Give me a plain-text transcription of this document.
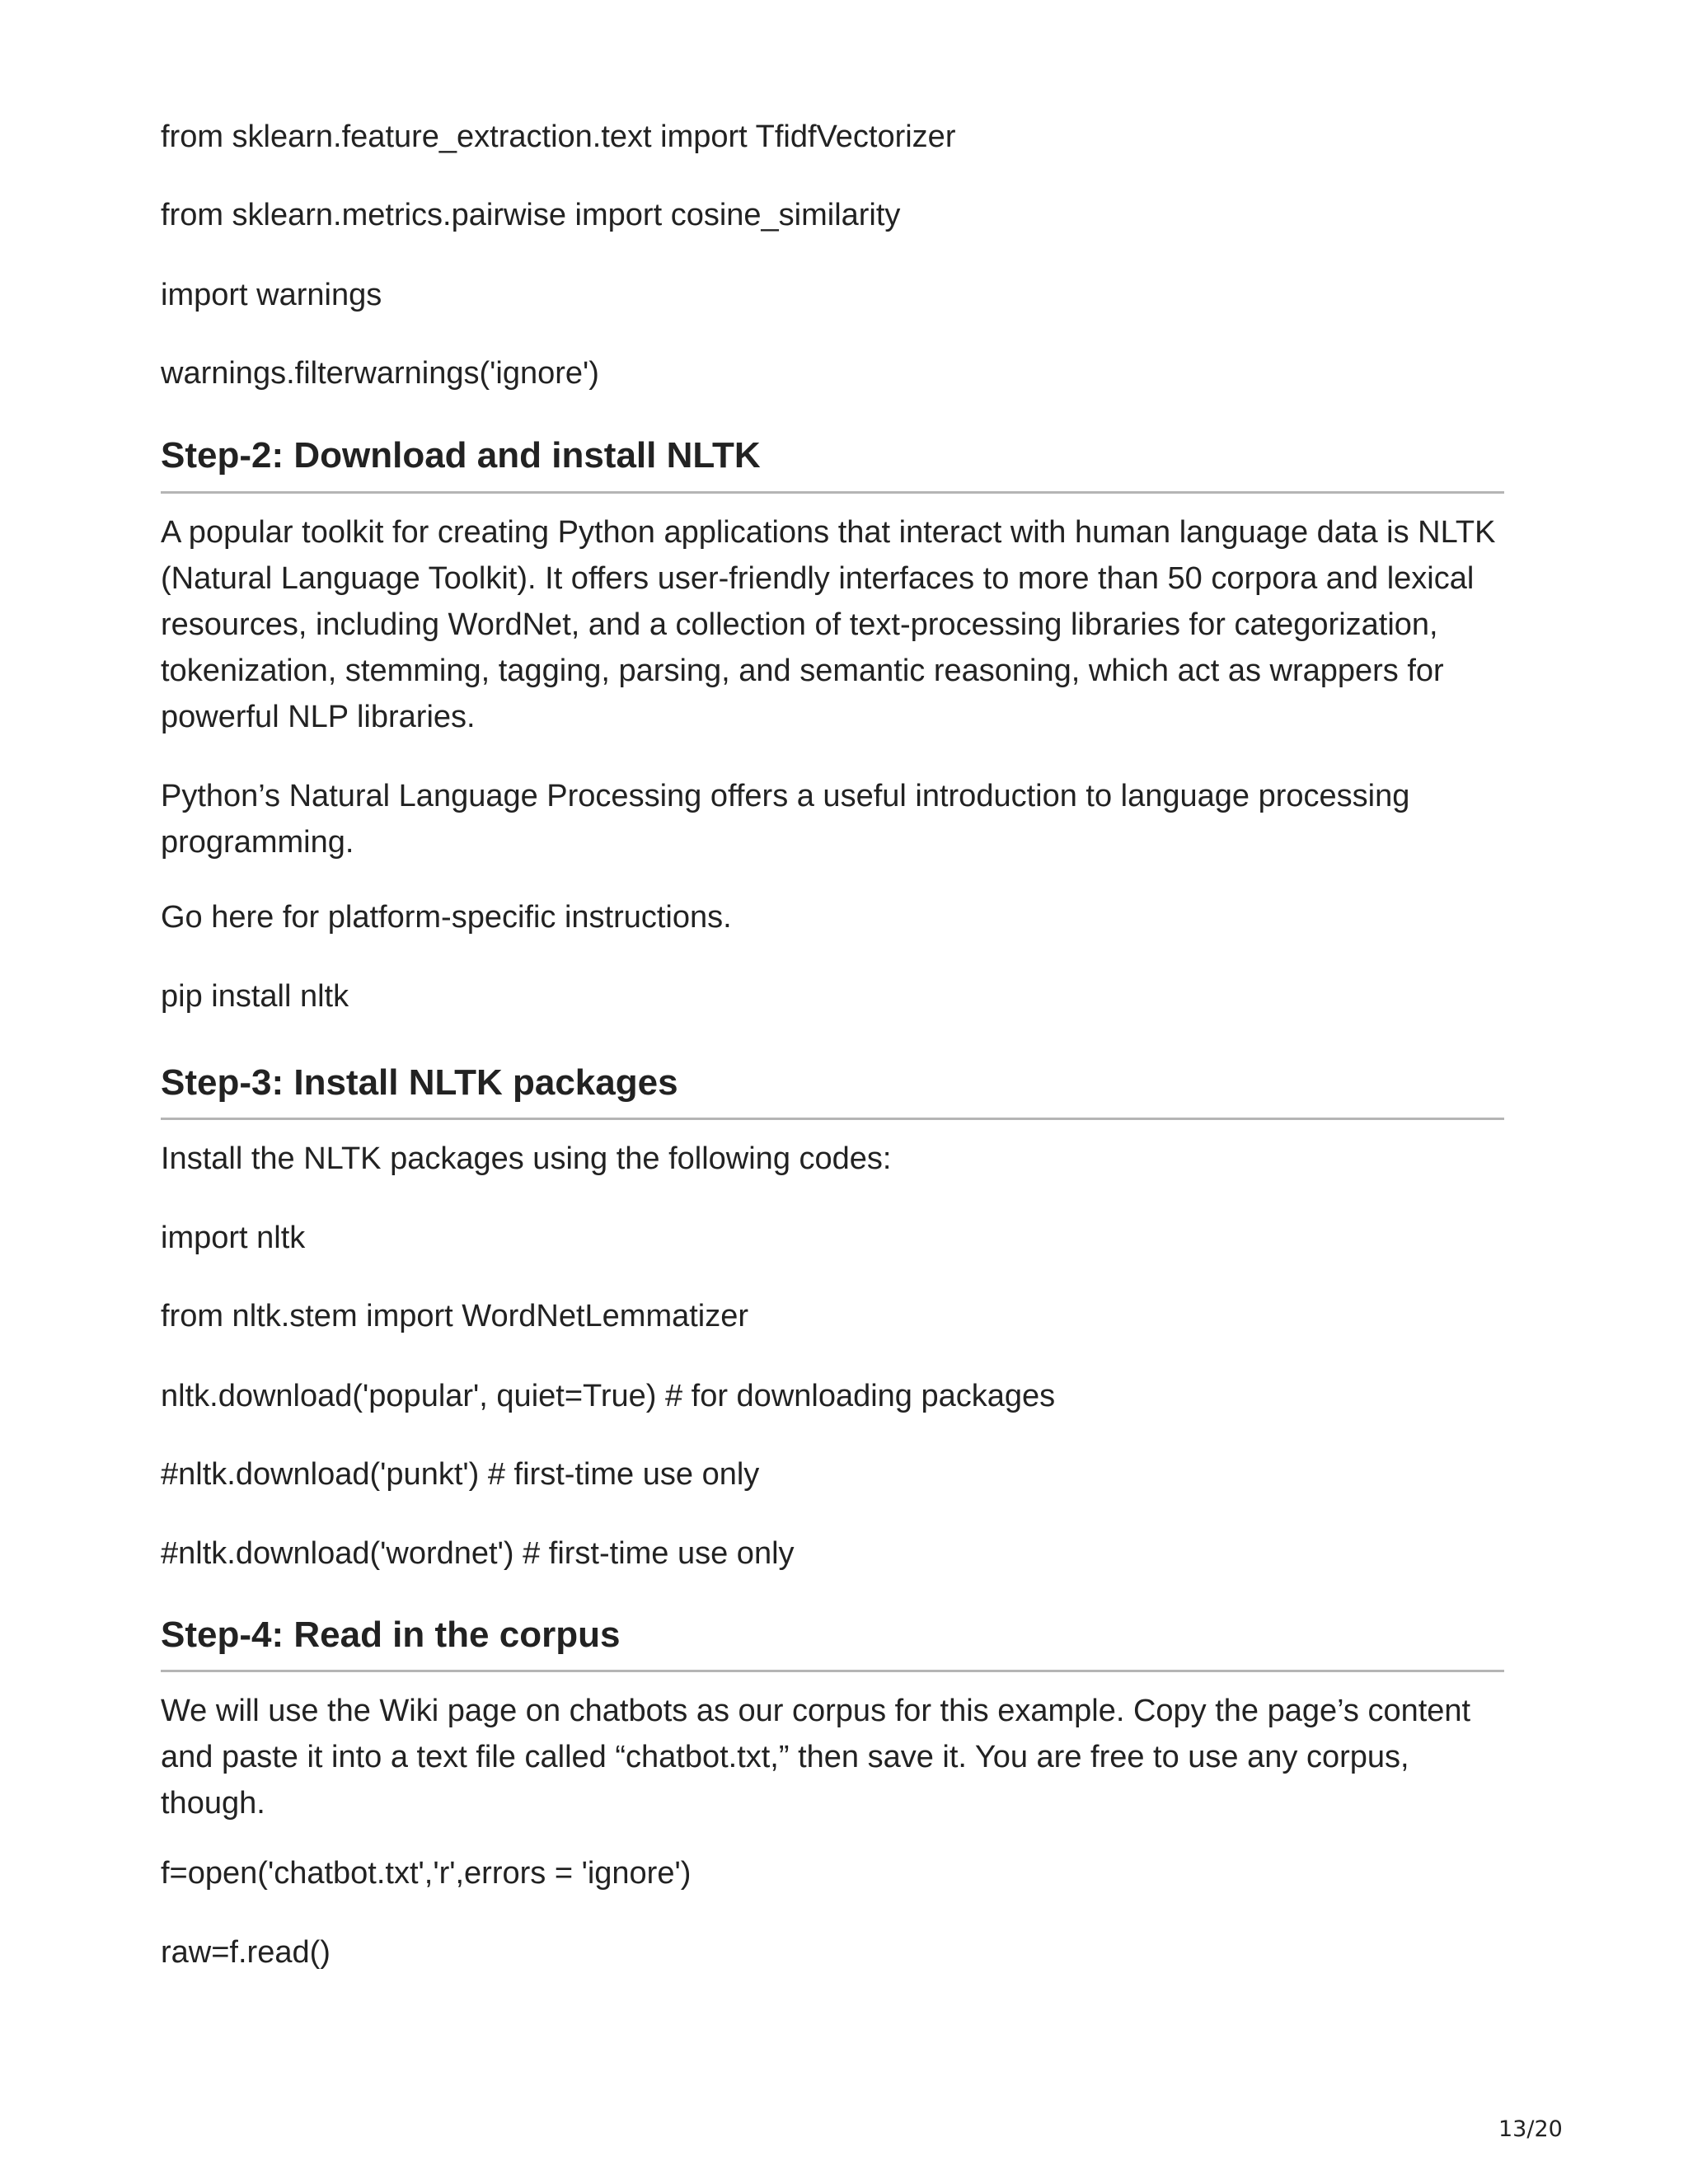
from sklearn.feature_extraction.text import TfidfVectorizer

from sklearn.metrics.pairwise import cosine_similarity

import warnings

warnings.filterwarnings('ignore')

Step-2: Download and install NLTK

A popular toolkit for creating Python applications that interact with human language data is NLTK (Natural Language Toolkit). It offers user-friendly interfaces to more than 50 corpora and lexical resources, including WordNet, and a collection of text-processing libraries for categorization, tokenization, stemming, tagging, parsing, and semantic reasoning, which act as wrappers for powerful NLP libraries.

Python’s Natural Language Processing offers a useful introduction to language processing programming.

Go here for platform-specific instructions.

pip install nltk

Step-3: Install NLTK packages

Install the NLTK packages using the following codes:

import nltk

from nltk.stem import WordNetLemmatizer

nltk.download('popular', quiet=True) # for downloading packages

#nltk.download('punkt') # first-time use only

#nltk.download('wordnet') # first-time use only

Step-4: Read in the corpus

We will use the Wiki page on chatbots as our corpus for this example. Copy the page’s content and paste it into a text file called “chatbot.txt,” then save it. You are free to use any corpus, though.

f=open('chatbot.txt','r',errors = 'ignore')

raw=f.read()

13/20
